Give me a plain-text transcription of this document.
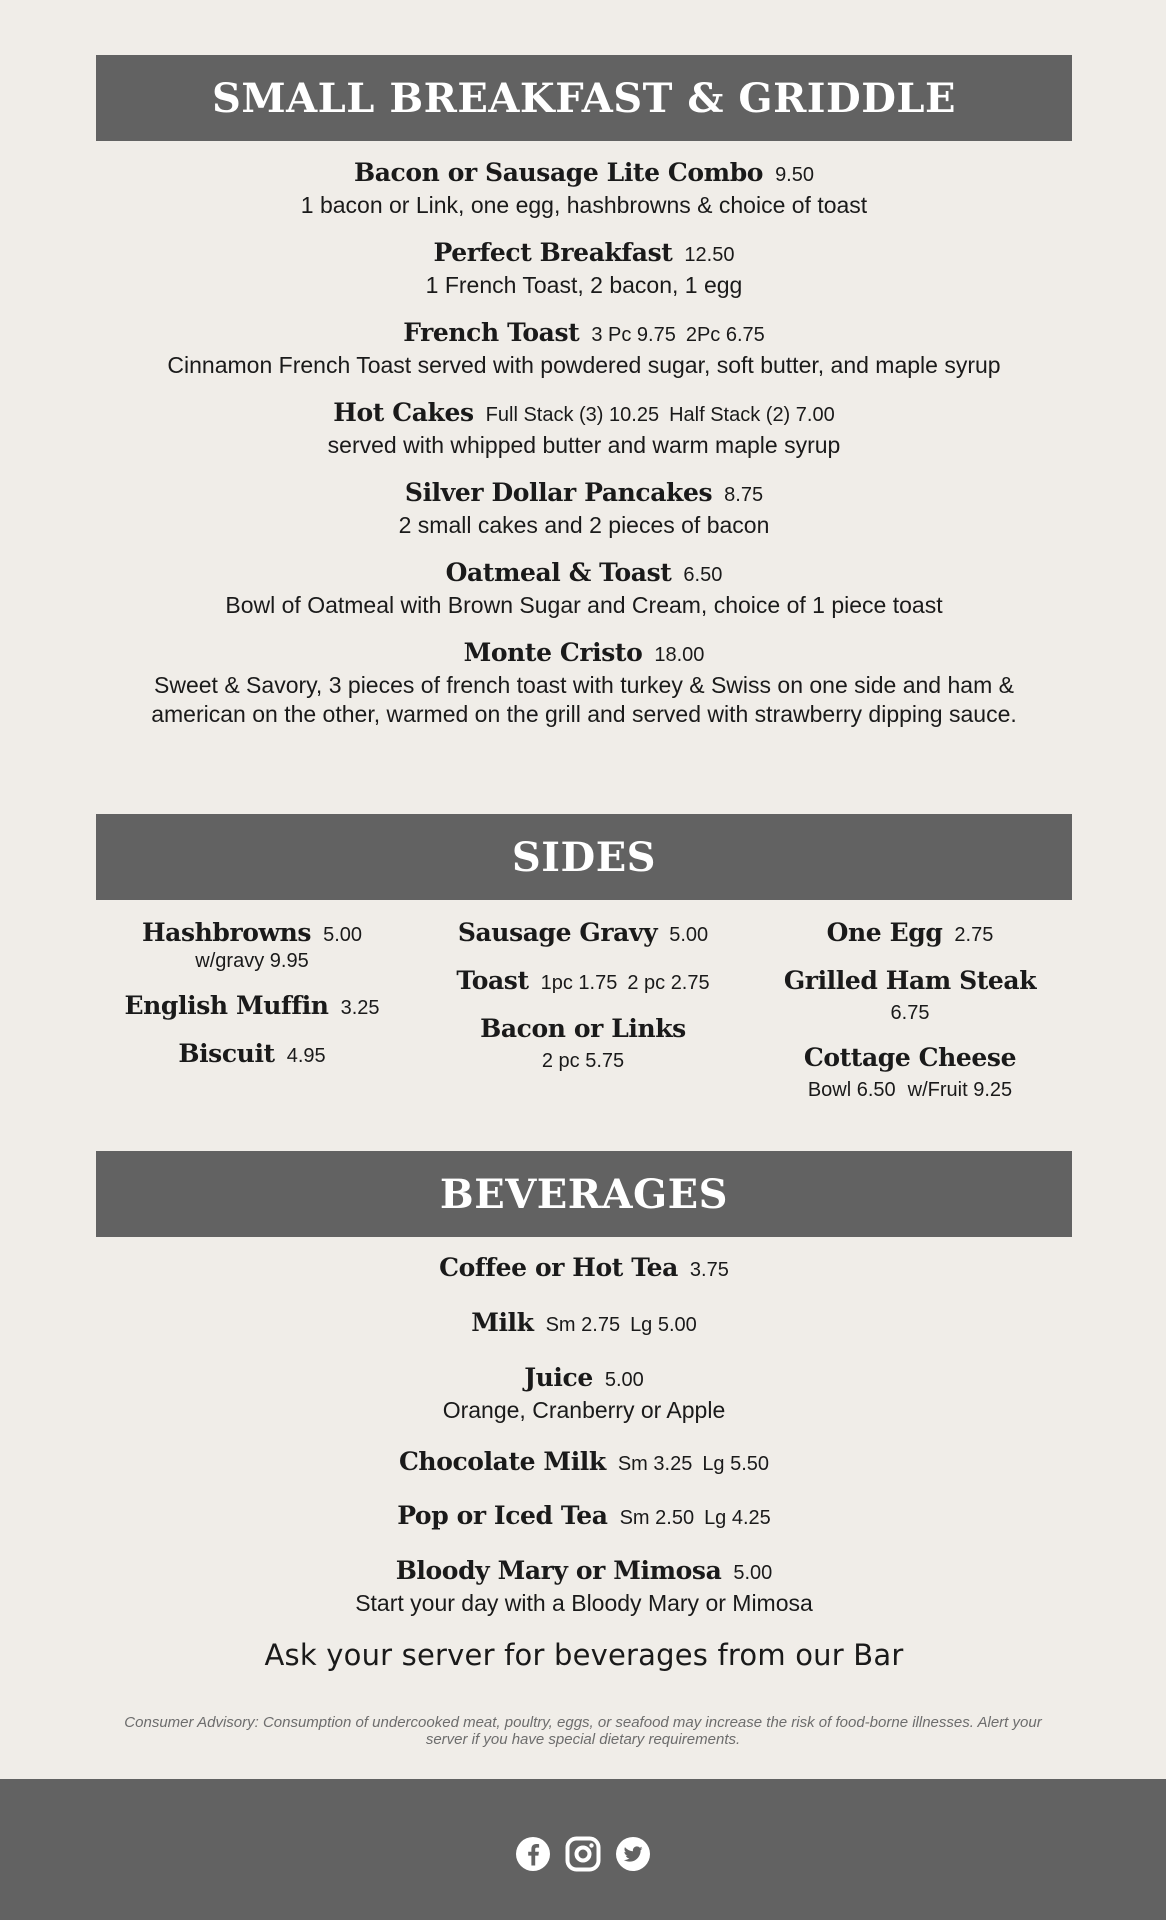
SMALL BREAKFAST & GRIDDLE
Bacon or Sausage Lite Combo 9.50
1 bacon or Link, one egg, hashbrowns & choice of toast
Perfect Breakfast 12.50
1 French Toast, 2 bacon, 1 egg
French Toast 3 Pc 9.75 2Pc 6.75
Cinnamon French Toast served with powdered sugar, soft butter, and maple syrup
Hot Cakes Full Stack (3) 10.25 Half Stack (2) 7.00
served with whipped butter and warm maple syrup
Silver Dollar Pancakes 8.75
2 small cakes and 2 pieces of bacon
Oatmeal & Toast 6.50
Bowl of Oatmeal with Brown Sugar and Cream, choice of 1 piece toast
Monte Cristo 18.00
Sweet & Savory, 3 pieces of french toast with turkey & Swiss on one side and ham & american on the other, warmed on the grill and served with strawberry dipping sauce.
SIDES
Hashbrowns 5.00
w/gravy 9.95
English Muffin 3.25
Biscuit 4.95
Sausage Gravy 5.00
Toast 1pc 1.75 2 pc 2.75
Bacon or Links
2 pc 5.75
One Egg 2.75
Grilled Ham Steak
6.75
Cottage Cheese
Bowl 6.50 w/Fruit 9.25
BEVERAGES
Coffee or Hot Tea 3.75
Milk Sm 2.75 Lg 5.00
Juice 5.00
Orange, Cranberry or Apple
Chocolate Milk Sm 3.25 Lg 5.50
Pop or Iced Tea Sm 2.50 Lg 4.25
Bloody Mary or Mimosa 5.00
Start your day with a Bloody Mary or Mimosa
Ask your server for beverages from our Bar
Consumer Advisory: Consumption of undercooked meat, poultry, eggs, or seafood may increase the risk of food-borne illnesses. Alert your server if you have special dietary requirements.
